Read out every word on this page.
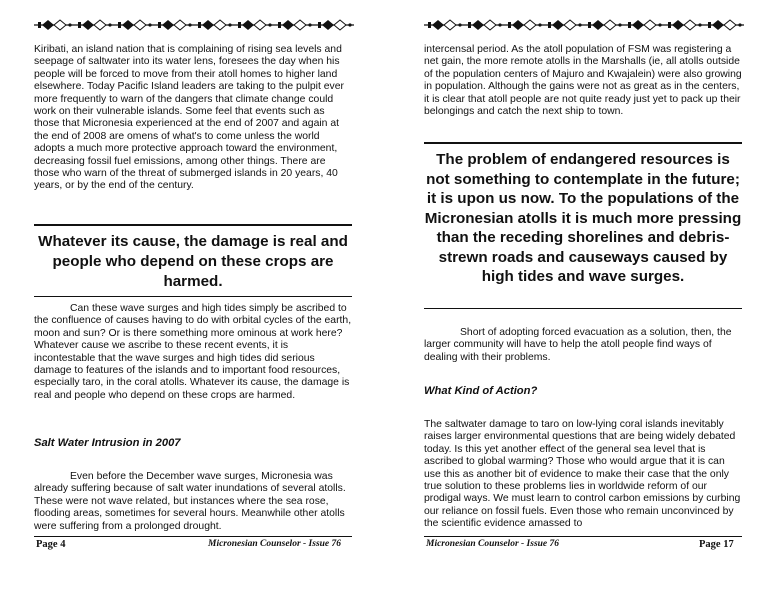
Kiribati, an island nation that is complaining of rising sea levels and seepage of saltwater into its water lens, foresees the day when his people will be forced to move from their atoll homes to higher land elsewhere. Today Pacific Island leaders are taking to the pulpit ever more frequently to warn of the dangers that climate change could work on their vulnerable islands. Some feel that events such as those that Micronesia experienced at the end of 2007 and again at the end of 2008 are omens of what's to come unless the world adopts a much more protective approach toward the environment, decreasing fossil fuel emissions, among other things. There are those who warn of the threat of submerged islands in 20 years, 40 years, or by the end of the century.

Whatever its cause, the damage is real and people who depend on these crops are harmed.

Can these wave surges and high tides simply be ascribed to the confluence of causes having to do with orbital cycles of the earth, moon and sun? Or is there something more ominous at work here? Whatever cause we ascribe to these recent events, it is incontestable that the wave surges and high tides did serious damage to features of the islands and to important food resources, especially taro, in the coral atolls. Whatever its cause, the damage is real and people who depend on these crops are harmed.

Salt Water Intrusion in 2007

Even before the December wave surges, Micronesia was already suffering because of salt water inundations of several atolls. These were not wave related, but instances where the sea rose, flooding areas, sometimes for several hours. Meanwhile other atolls were suffering from a prolonged drought.

Page 4	Micronesian Counselor - Issue 76

intercensal period. As the atoll population of FSM was registering a net gain, the more remote atolls in the Marshalls (ie, all atolls outside of the population centers of Majuro and Kwajalein) were also growing in population. Although the gains were not as great as in the centers, it is clear that atoll people are not quite ready just yet to pack up their belongings and catch the next ship to town.

The problem of endangered resources is not something to contemplate in the future; it is upon us now. To the populations of the Micronesian atolls it is much more pressing than the receding shorelines and debris-strewn roads and causeways caused by high tides and wave surges.

Short of adopting forced evacuation as a solution, then, the larger community will have to help the atoll people find ways of dealing with their problems.

What Kind of Action?

The saltwater damage to taro on low-lying coral islands inevitably raises larger environmental questions that are being widely debated today. Is this yet another effect of the general sea level that is ascribed to global warming? Those who would argue that it is can use this as another bit of evidence to make their case that the only true solution to these problems lies in worldwide reform of our prodigal ways. We must learn to control carbon emissions by curbing our reliance on fossil fuels. Even those who remain unconvinced by the scientific evidence amassed to

Micronesian Counselor - Issue 76	Page 17
